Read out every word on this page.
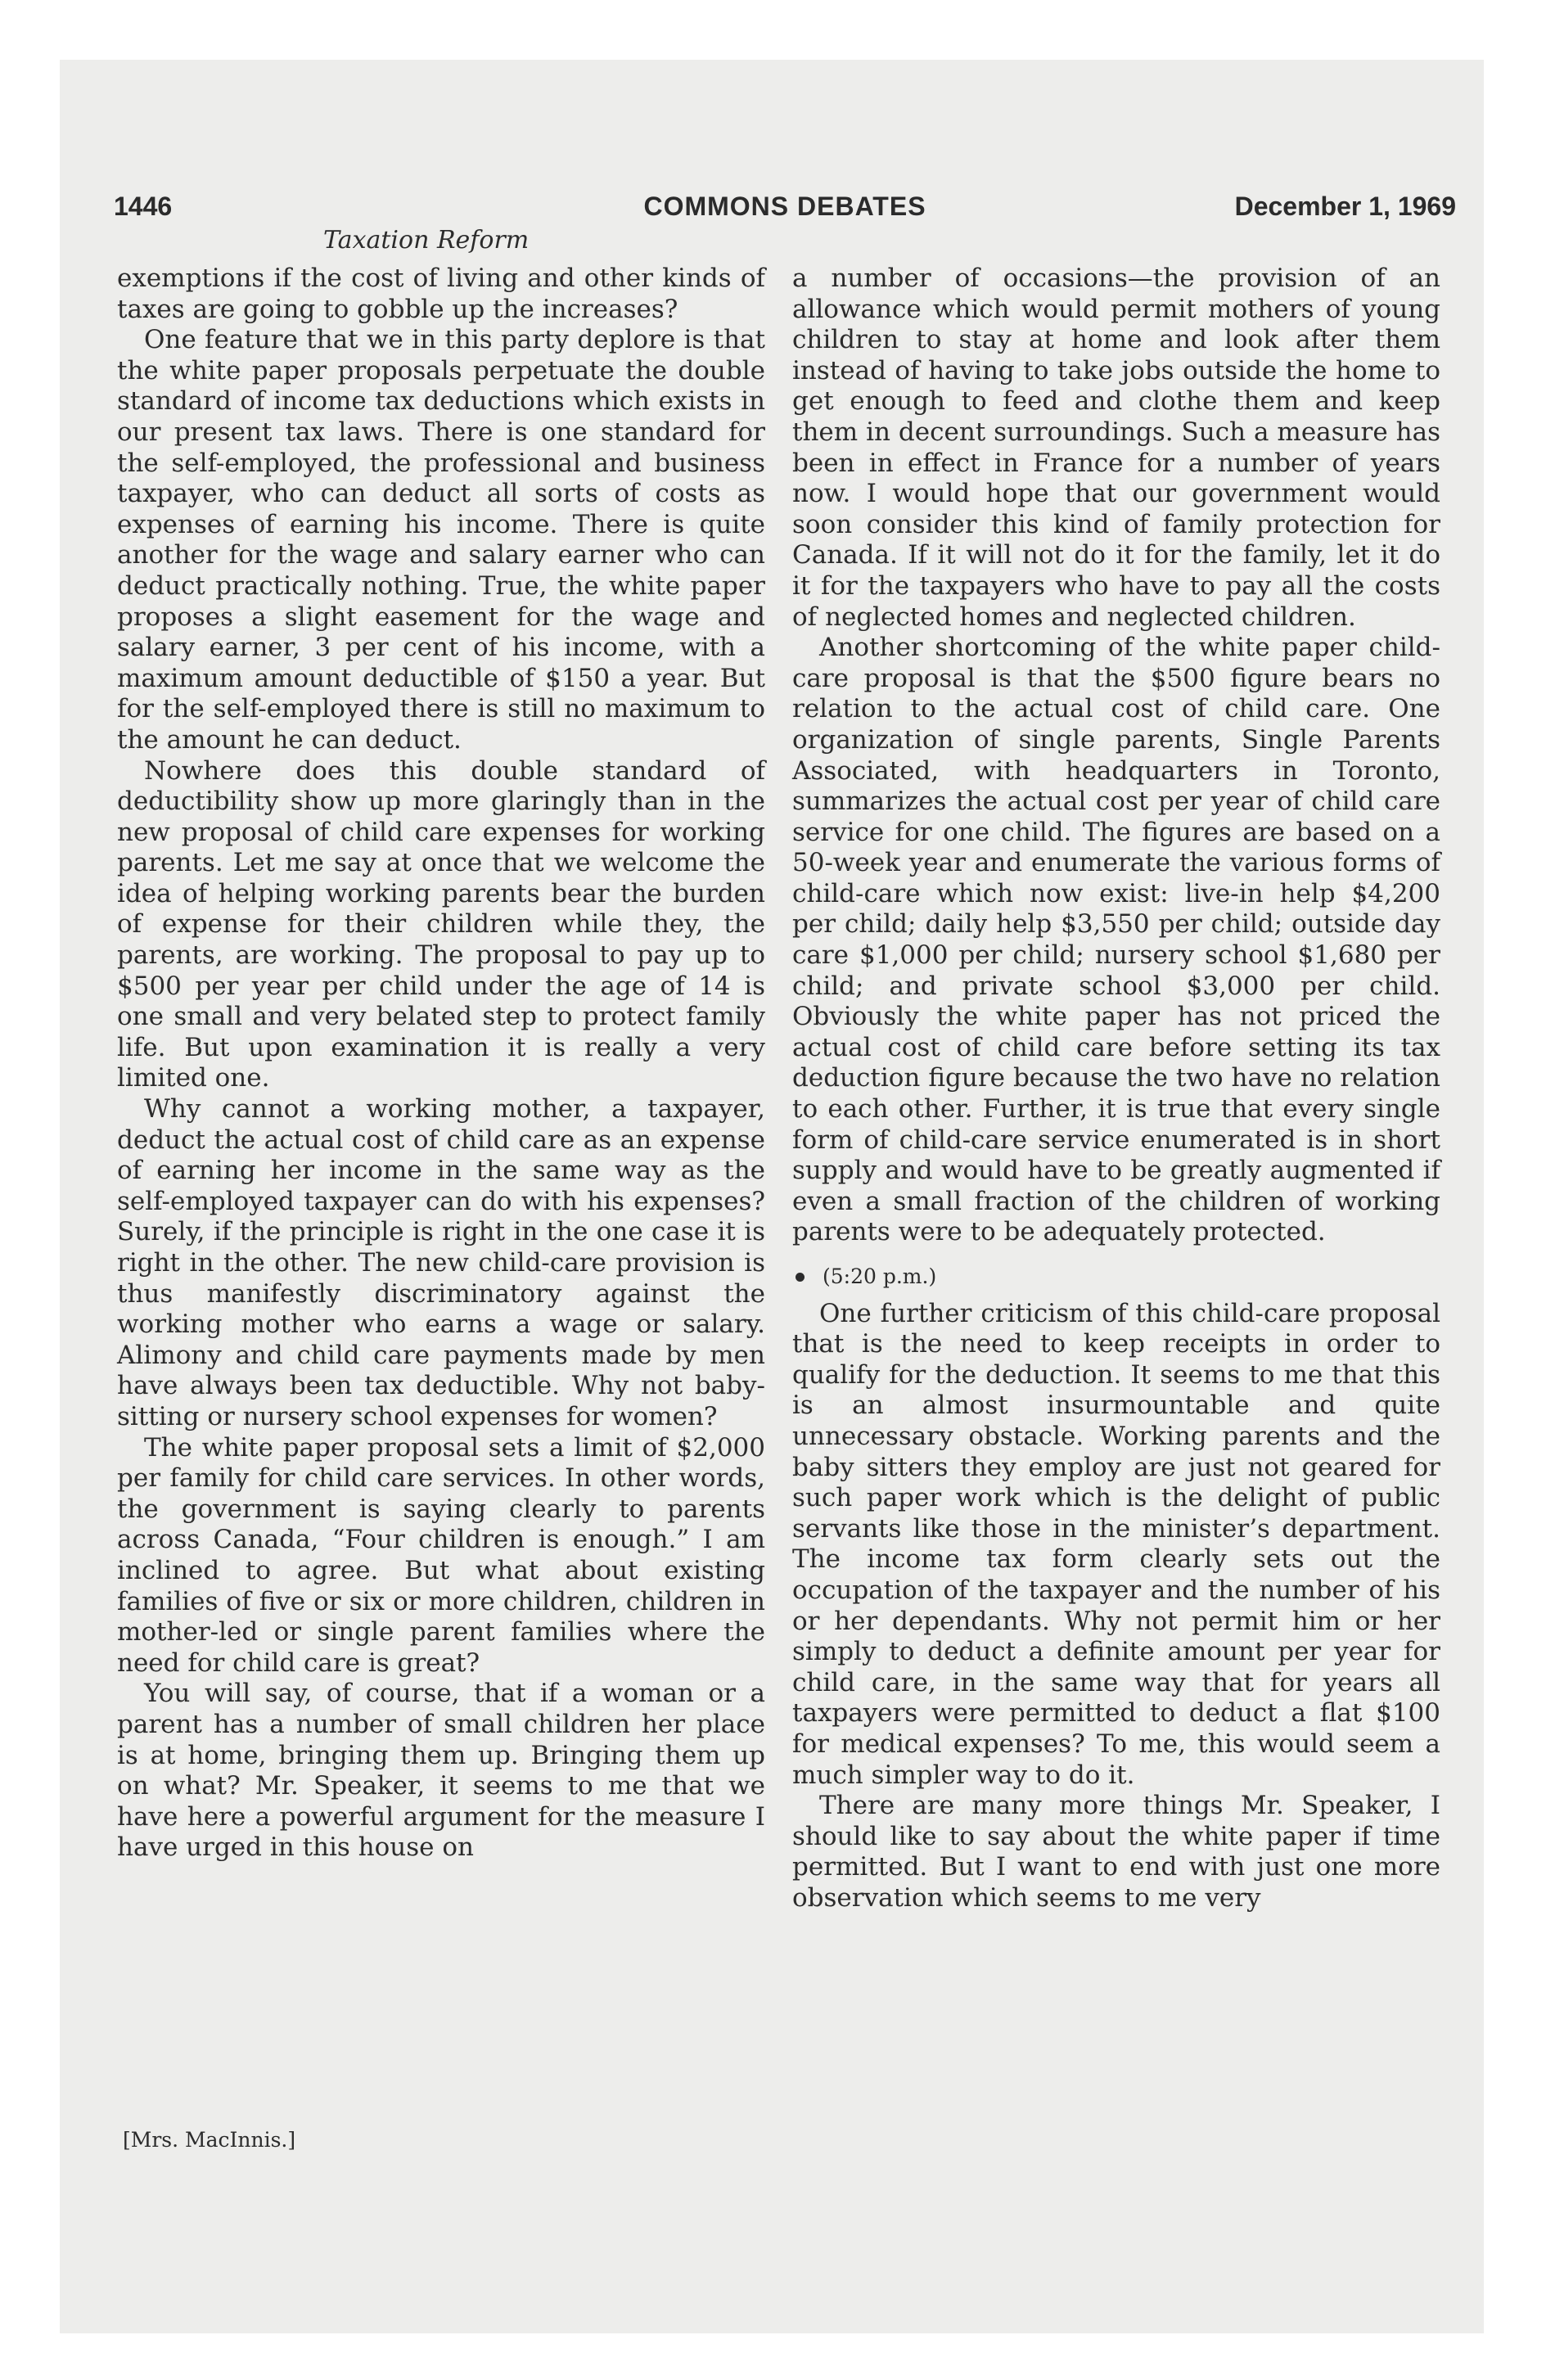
1446	COMMONS DEBATES	December 1, 1969
Taxation Reform

exemptions if the cost of living and other kinds of taxes are going to gobble up the increases?

One feature that we in this party deplore is that the white paper proposals perpetuate the double standard of income tax deductions which exists in our present tax laws. There is one standard for the self-employed, the professional and business taxpayer, who can deduct all sorts of costs as expenses of earning his income. There is quite another for the wage and salary earner who can deduct practically nothing. True, the white paper proposes a slight easement for the wage and salary earner, 3 per cent of his income, with a maximum amount deductible of $150 a year. But for the self-employed there is still no maximum to the amount he can deduct.

Nowhere does this double standard of deductibility show up more glaringly than in the new proposal of child care expenses for working parents. Let me say at once that we welcome the idea of helping working parents bear the burden of expense for their children while they, the parents, are working. The proposal to pay up to $500 per year per child under the age of 14 is one small and very belated step to protect family life. But upon examination it is really a very limited one.

Why cannot a working mother, a taxpayer, deduct the actual cost of child care as an expense of earning her income in the same way as the self-employed taxpayer can do with his expenses? Surely, if the principle is right in the one case it is right in the other. The new child-care provision is thus manifestly discriminatory against the working mother who earns a wage or salary. Alimony and child care payments made by men have always been tax deductible. Why not baby-sitting or nursery school expenses for women?

The white paper proposal sets a limit of $2,000 per family for child care services. In other words, the government is saying clearly to parents across Canada, “Four children is enough.” I am inclined to agree. But what about existing families of five or six or more children, children in mother-led or single parent families where the need for child care is great?

You will say, of course, that if a woman or a parent has a number of small children her place is at home, bringing them up. Bringing them up on what? Mr. Speaker, it seems to me that we have here a powerful argument for the measure I have urged in this house on

a number of occasions—the provision of an allowance which would permit mothers of young children to stay at home and look after them instead of having to take jobs outside the home to get enough to feed and clothe them and keep them in decent surroundings. Such a measure has been in effect in France for a number of years now. I would hope that our government would soon consider this kind of family protection for Canada. If it will not do it for the family, let it do it for the taxpayers who have to pay all the costs of neglected homes and neglected children.

Another shortcoming of the white paper child-care proposal is that the $500 figure bears no relation to the actual cost of child care. One organization of single parents, Single Parents Associated, with headquarters in Toronto, summarizes the actual cost per year of child care service for one child. The figures are based on a 50-week year and enumerate the various forms of child-care which now exist: live-in help $4,200 per child; daily help $3,550 per child; outside day care $1,000 per child; nursery school $1,680 per child; and private school $3,000 per child. Obviously the white paper has not priced the actual cost of child care before setting its tax deduction figure because the two have no relation to each other. Further, it is true that every single form of child-care service enumerated is in short supply and would have to be greatly augmented if even a small fraction of the children of working parents were to be adequately protected.

(5:20 p.m.)

One further criticism of this child-care proposal that is the need to keep receipts in order to qualify for the deduction. It seems to me that this is an almost insurmountable and quite unnecessary obstacle. Working parents and the baby sitters they employ are just not geared for such paper work which is the delight of public servants like those in the minister’s department. The income tax form clearly sets out the occupation of the taxpayer and the number of his or her dependants. Why not permit him or her simply to deduct a definite amount per year for child care, in the same way that for years all taxpayers were permitted to deduct a flat $100 for medical expenses? To me, this would seem a much simpler way to do it.

There are many more things Mr. Speaker, I should like to say about the white paper if time permitted. But I want to end with just one more observation which seems to me very

[Mrs. MacInnis.]
